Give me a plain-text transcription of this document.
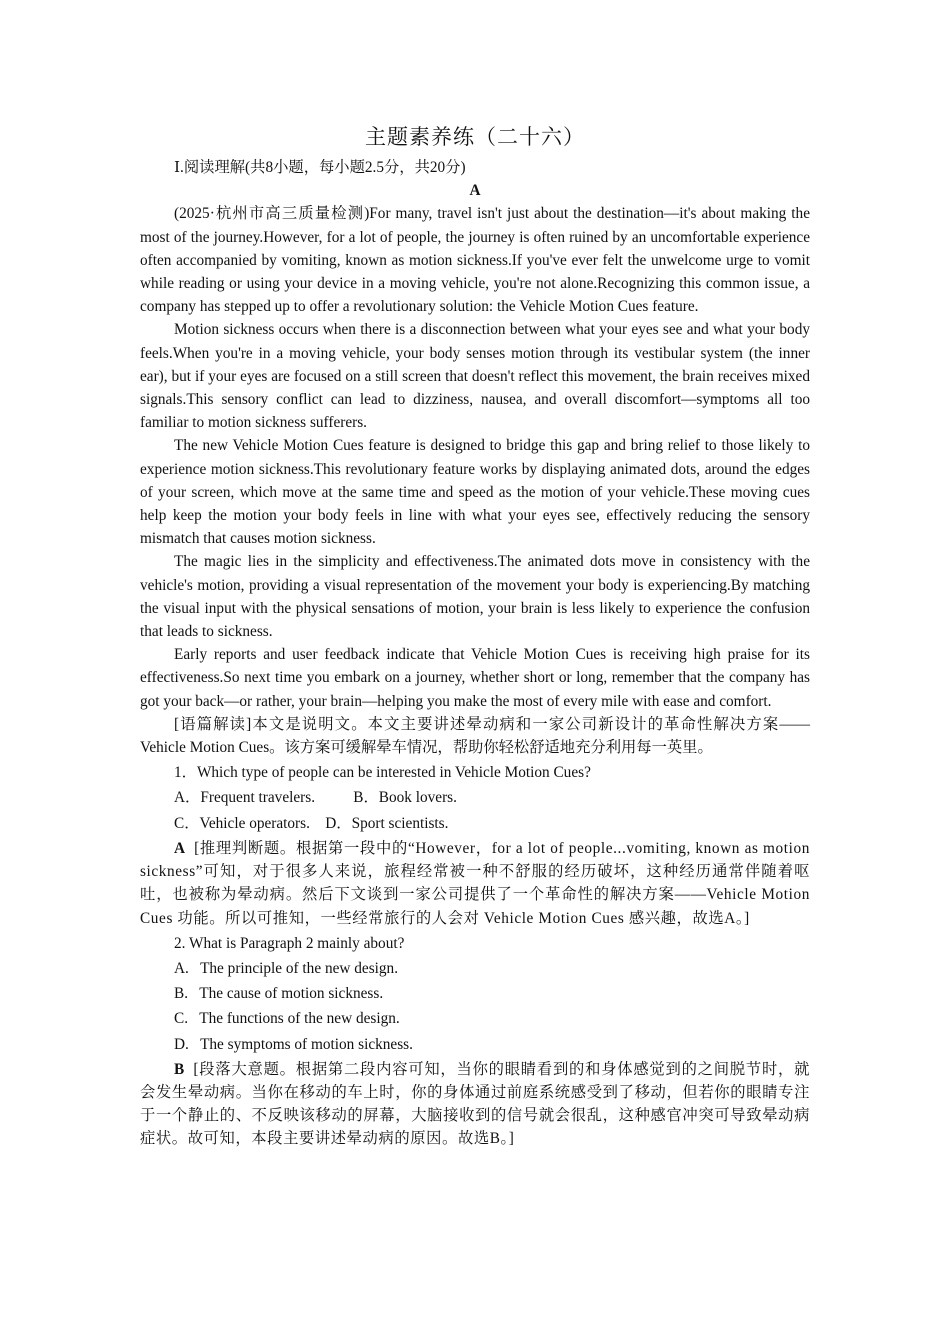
主题素养练（二十六）

Ⅰ.阅读理解(共8小题，每小题2.5分，共20分)

A

(2025·杭州市高三质量检测)For many, travel isn't just about the destination—it's about making the most of the journey.However, for a lot of people, the journey is often ruined by an uncomfortable experience often accompanied by vomiting, known as motion sickness.If you've ever felt the unwelcome urge to vomit while reading or using your device in a moving vehicle, you're not alone.Recognizing this common issue, a company has stepped up to offer a revolutionary solution: the Vehicle Motion Cues feature.

Motion sickness occurs when there is a disconnection between what your eyes see and what your body feels.When you're in a moving vehicle, your body senses motion through its vestibular system (the inner ear), but if your eyes are focused on a still screen that doesn't reflect this movement, the brain receives mixed signals.This sensory conflict can lead to dizziness, nausea, and overall discomfort—symptoms all too familiar to motion sickness sufferers.

The new Vehicle Motion Cues feature is designed to bridge this gap and bring relief to those likely to experience motion sickness.This revolutionary feature works by displaying animated dots, around the edges of your screen, which move at the same time and speed as the motion of your vehicle.These moving cues help keep the motion your body feels in line with what your eyes see, effectively reducing the sensory mismatch that causes motion sickness.

The magic lies in the simplicity and effectiveness.The animated dots move in consistency with the vehicle's motion, providing a visual representation of the movement your body is experiencing.By matching the visual input with the physical sensations of motion, your brain is less likely to experience the confusion that leads to sickness.

Early reports and user feedback indicate that Vehicle Motion Cues is receiving high praise for its effectiveness.So next time you embark on a journey, whether short or long, remember that the company has got your back—or rather, your brain—helping you make the most of every mile with ease and comfort.

[语篇解读]本文是说明文。本文主要讲述晕动病和一家公司新设计的革命性解决方案——Vehicle Motion Cues。该方案可缓解晕车情况，帮助你轻松舒适地充分利用每一英里。

1．Which type of people can be interested in Vehicle Motion Cues?

A．Frequent travelers.          B．Book lovers.

C．Vehicle operators.    D．Sport scientists.

A [推理判断题。根据第一段中的“However，for a lot of people...vomiting, known as motion sickness”可知，对于很多人来说，旅程经常被一种不舒服的经历破坏，这种经历通常伴随着呕吐，也被称为晕动病。然后下文谈到一家公司提供了一个革命性的解决方案——Vehicle Motion Cues 功能。所以可推知，一些经常旅行的人会对 Vehicle Motion Cues 感兴趣，故选A。]

2. What is Paragraph 2 mainly about?

A.   The principle of the new design.

B.   The cause of motion sickness.

C.   The functions of the new design.

D.   The symptoms of motion sickness.

B [段落大意题。根据第二段内容可知，当你的眼睛看到的和身体感觉到的之间脱节时，就会发生晕动病。当你在移动的车上时，你的身体通过前庭系统感受到了移动，但若你的眼睛专注于一个静止的、不反映该移动的屏幕，大脑接收到的信号就会很乱，这种感官冲突可导致晕动病症状。故可知，本段主要讲述晕动病的原因。故选B。]
